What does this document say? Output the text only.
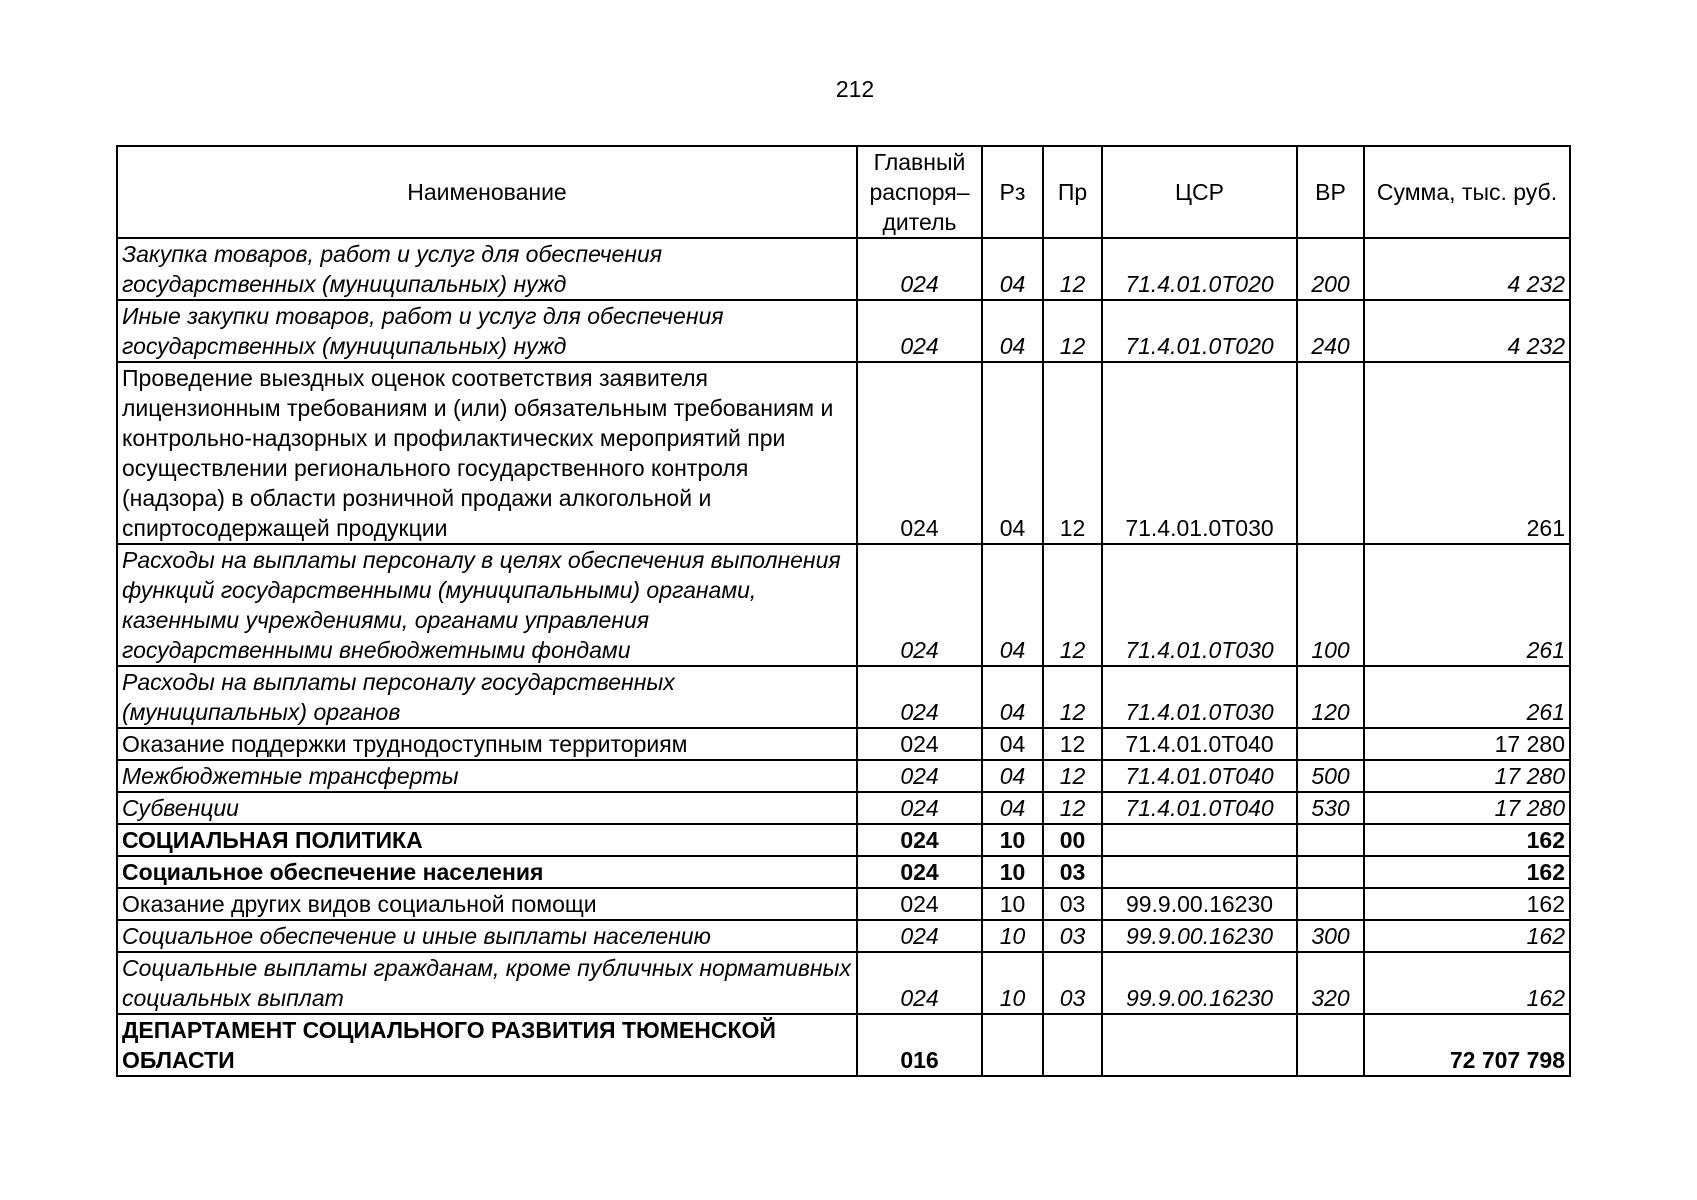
212
Наименование	Главный распоря– дитель	Рз	Пр	ЦСР	ВР	Сумма, тыс. руб.
Закупка товаров, работ и услуг для обеспечения государственных (муниципальных) нужд	024	04	12	71.4.01.0Т020	200	4 232
Иные закупки товаров, работ и услуг для обеспечения государственных (муниципальных) нужд	024	04	12	71.4.01.0Т020	240	4 232
Проведение выездных оценок соответствия заявителя лицензионным требованиям и (или) обязательным требованиям и контрольно-надзорных и профилактических мероприятий при осуществлении регионального государственного контроля (надзора) в области розничной продажи алкогольной и спиртосодержащей продукции	024	04	12	71.4.01.0Т030		261
Расходы на выплаты персоналу в целях обеспечения выполнения функций государственными (муниципальными) органами, казенными учреждениями, органами управления государственными внебюджетными фондами	024	04	12	71.4.01.0Т030	100	261
Расходы на выплаты персоналу государственных (муниципальных) органов	024	04	12	71.4.01.0Т030	120	261
Оказание поддержки труднодоступным территориям	024	04	12	71.4.01.0Т040		17 280
Межбюджетные трансферты	024	04	12	71.4.01.0Т040	500	17 280
Субвенции	024	04	12	71.4.01.0Т040	530	17 280
СОЦИАЛЬНАЯ ПОЛИТИКА	024	10	00			162
Социальное обеспечение населения	024	10	03			162
Оказание других видов социальной помощи	024	10	03	99.9.00.16230		162
Социальное обеспечение и иные выплаты населению	024	10	03	99.9.00.16230	300	162
Социальные выплаты гражданам, кроме публичных нормативных социальных выплат	024	10	03	99.9.00.16230	320	162
ДЕПАРТАМЕНТ СОЦИАЛЬНОГО РАЗВИТИЯ ТЮМЕНСКОЙ ОБЛАСТИ	016					72 707 798
